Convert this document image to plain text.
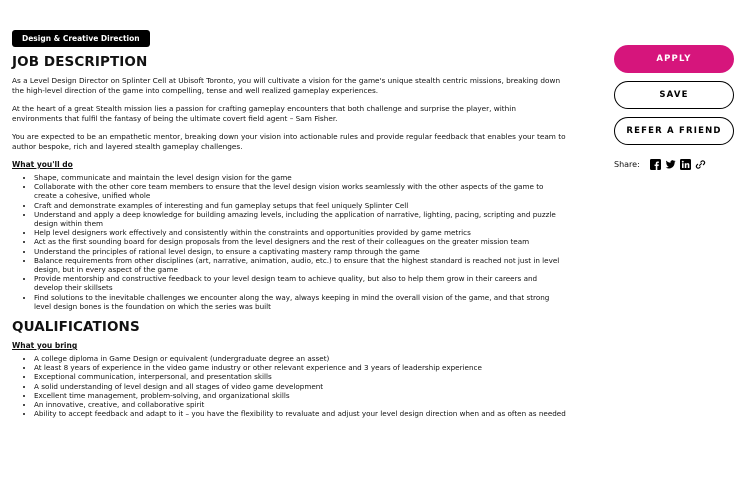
Design & Creative Direction
JOB DESCRIPTION

As a Level Design Director on Splinter Cell at Ubisoft Toronto, you will cultivate a vision for the game's unique stealth centric missions, breaking down the high-level direction of the game into compelling, tense and well realized gameplay experiences.

At the heart of a great Stealth mission lies a passion for crafting gameplay encounters that both challenge and surprise the player, within environments that fulfil the fantasy of being the ultimate covert field agent – Sam Fisher.

You are expected to be an empathetic mentor, breaking down your vision into actionable rules and provide regular feedback that enables your team to author bespoke, rich and layered stealth gameplay challenges.

What you'll do
• Shape, communicate and maintain the level design vision for the game
• Collaborate with the other core team members to ensure that the level design vision works seamlessly with the other aspects of the game to create a cohesive, unified whole
• Craft and demonstrate examples of interesting and fun gameplay setups that feel uniquely Splinter Cell
• Understand and apply a deep knowledge for building amazing levels, including the application of narrative, lighting, pacing, scripting and puzzle design within them
• Help level designers work effectively and consistently within the constraints and opportunities provided by game metrics
• Act as the first sounding board for design proposals from the level designers and the rest of their colleagues on the greater mission team
• Understand the principles of rational level design, to ensure a captivating mastery ramp through the game
• Balance requirements from other disciplines (art, narrative, animation, audio, etc.) to ensure that the highest standard is reached not just in level design, but in every aspect of the game
• Provide mentorship and constructive feedback to your level design team to achieve quality, but also to help them grow in their careers and develop their skillsets
• Find solutions to the inevitable challenges we encounter along the way, always keeping in mind the overall vision of the game, and that strong level design bones is the foundation on which the series was built
QUALIFICATIONS
What you bring
• A college diploma in Game Design or equivalent (undergraduate degree an asset)
• At least 8 years of experience in the video game industry or other relevant experience and 3 years of leadership experience
• Exceptional communication, interpersonal, and presentation skills
• A solid understanding of level design and all stages of video game development
• Excellent time management, problem-solving, and organizational skills
• An innovative, creative, and collaborative spirit
• Ability to accept feedback and adapt to it – you have the flexibility to revaluate and adjust your level design direction when and as often as needed
APPLY
SAVE
REFER A FRIEND
Share:
